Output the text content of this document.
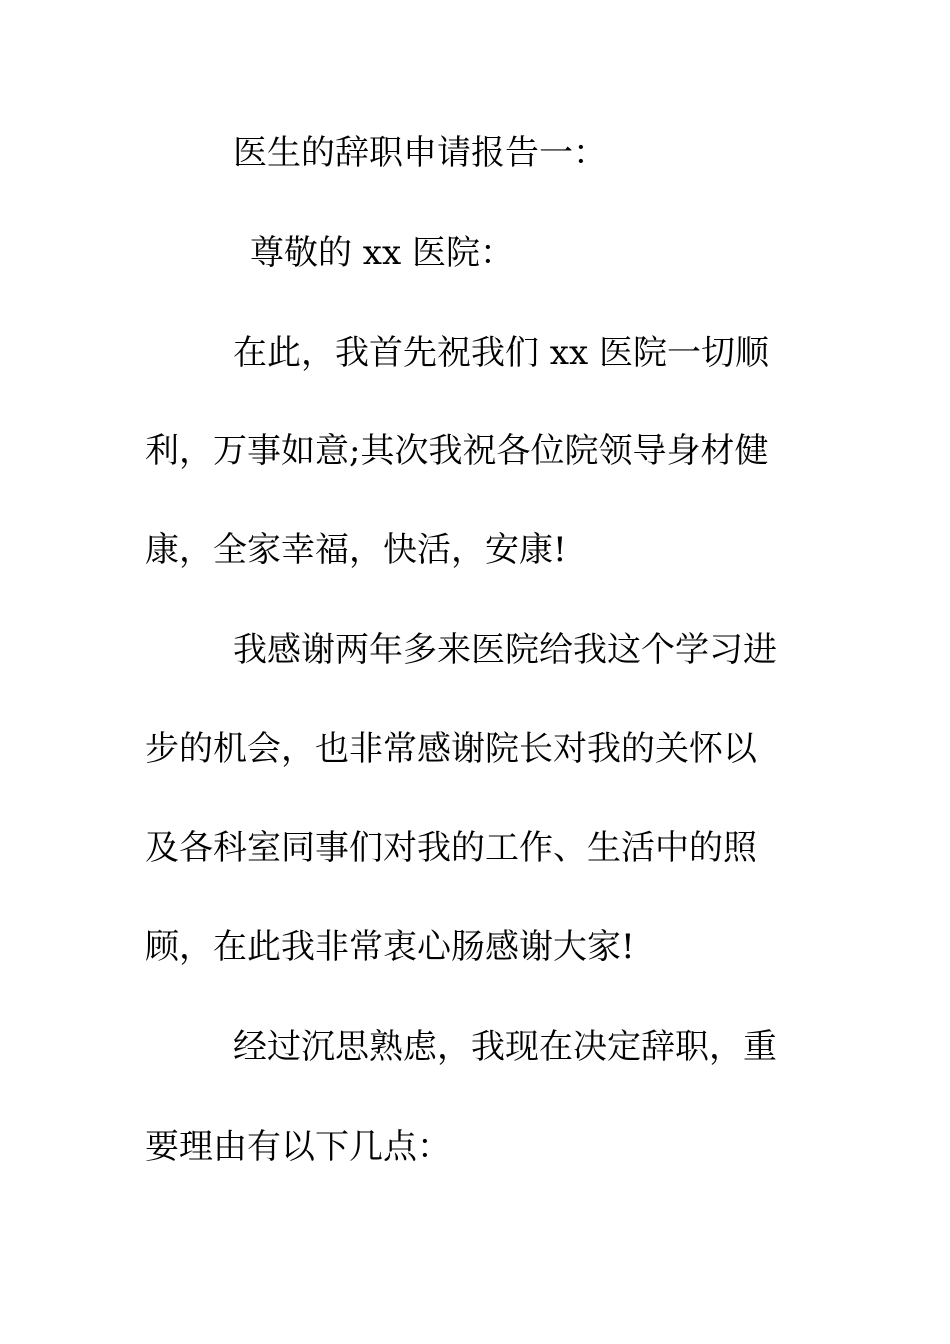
医生的辞职申请报告一：
尊敬的 xx 医院：
在此，我首先祝我们 xx 医院一切顺
利，万事如意;其次我祝各位院领导身材健
康，全家幸福，快活，安康!
我感谢两年多来医院给我这个学习进
步的机会，也非常感谢院长对我的关怀以
及各科室同事们对我的工作、生活中的照
顾，在此我非常衷心肠感谢大家!
经过沉思熟虑，我现在决定辞职，重
要理由有以下几点：
